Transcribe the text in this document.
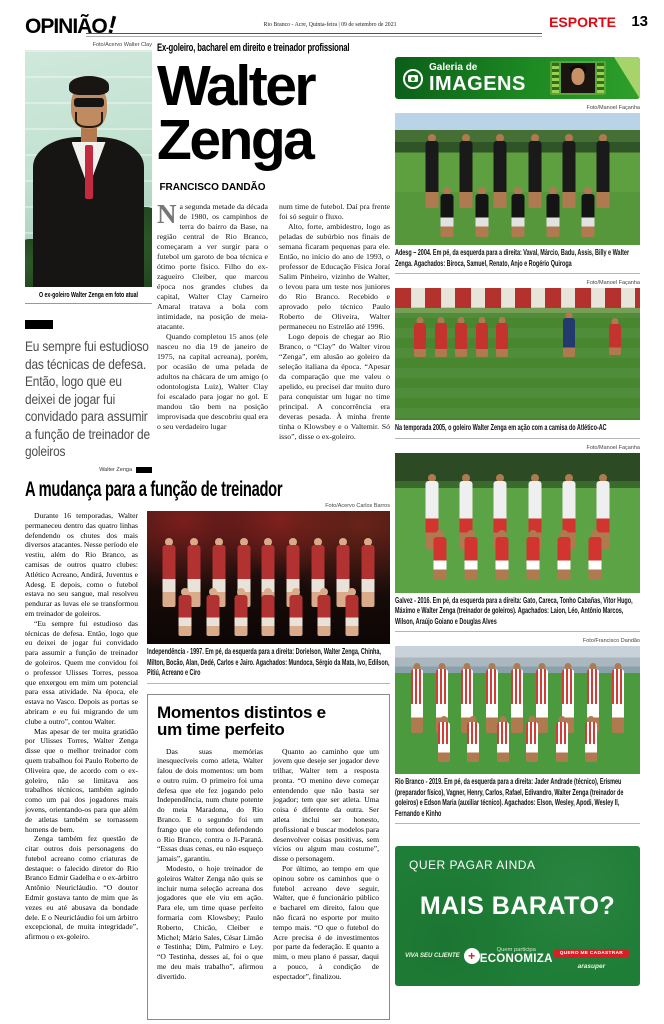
OPINIÃO!	Rio Branco - Acre, Quinta-feira | 09 de setembro de 2021	ESPORTE 13
Foto/Acervo Walter Clay
O ex-goleiro Walter Zenga em foto atual
Eu sempre fui estudioso das técnicas de defesa. Então, logo que eu deixei de jogar fui convidado para assumir a função de treinador de goleiros
Walter Zenga
Ex-goleiro, bacharel em direito e treinador profissional
Walter
Zenga
FRANCISCO DANDÃO

Na segunda metade da década de 1980, os campinhos de terra do bairro da Base, na região central de Rio Branco, começaram a ver surgir para o futebol um garoto de boa técnica e ótimo porte físico. Filho do ex-zagueiro Cleiber, que marcou época nos grandes clubes da capital, Walter Clay Carneiro Amaral tratava a bola com intimidade, na posição de meia-atacante.

Quando completou 15 anos (ele nasceu no dia 19 de janeiro de 1975, na capital acreana), porém, por ocasião de uma pelada de adultos na chácara de um amigo (o odontologista Luiz), Walter Clay foi escalado para jogar no gol. E mandou tão bem na posição improvisada que descobriu qual era o seu verdadeiro lugar

num time de futebol. Daí pra frente foi só seguir o fluxo.

Alto, forte, ambidestro, logo as peladas de subúrbio nos finais de semana ficaram pequenas para ele. Então, no início do ano de 1993, o professor de Educação Física Joraí Salim Pinheiro, vizinho de Walter, o levou para um teste nos juniores do Rio Branco. Recebido e aprovado pelo técnico Paulo Roberto de Oliveira, Walter permaneceu no Estrelão até 1996.

Logo depois de chegar ao Rio Branco, o “Clay” do Walter virou “Zenga”, em alusão ao goleiro da seleção italiana da época. “Apesar da comparação que me valeu o apelido, eu precisei dar muito duro para conquistar um lugar no time principal. A concorrência era deveras pesada. À minha frente tinha o Klowsbey e o Valtemir. Só isso”, disse o ex-goleiro.

A mudança para a função de treinador

Durante 16 temporadas, Walter permaneceu dentro das quatro linhas defendendo os chutes dos mais diversos atacantes. Nesse período ele vestiu, além do Rio Branco, as camisas de outros quatro clubes: Atlético Acreano, Andirá, Juventus e Adesg. E depois, como o futebol estava no seu sangue, mal resolveu pendurar as luvas ele se transformou em treinador de goleiros.

“Eu sempre fui estudioso das técnicas de defesa. Então, logo que eu deixei de jogar fui convidado para assumir a função de treinador de goleiros. Quem me convidou foi o professor Ulisses Torres, pessoa que enxergou em mim um potencial para essa atividade. Na época, ele estava no Vasco. Depois as portas se abriram e eu fui migrando de um clube a outro”, contou Walter.

Mas apesar de ter muita gratidão por Ulisses Torres, Walter Zenga disse que o melhor treinador com quem trabalhou foi Paulo Roberto de Oliveira que, de acordo com o ex-goleiro, não se limitava aos trabalhos técnicos, também agindo como um pai dos jogadores mais jovens, orientando-os para que além de atletas também se tornassem homens de bem.

Zenga também fez questão de citar outros dois personagens do futebol acreano como criaturas de destaque: o falecido diretor do Rio Branco Edmir Gadelha e o ex-árbitro Antônio Neuricláudio. “O doutor Edmir gostava tanto de mim que às vezes eu até abusava da bondade dele. E o Neuricláudio foi um árbitro excepcional, de muita integridade”, afirmou o ex-goleiro.

Foto/Acervo Carlos Barros
Independência - 1997. Em pé, da esquerda para a direita: Dorielson, Walter Zenga, Chinha, Milton, Bocão, Alan, Dedé, Carlos e Jairo. Agachados: Mundoca, Sérgio da Mata, Ivo, Edilson, Pitiú, Acreano e Ciro
Momentos distintos e
um time perfeito

Das suas memórias inesquecíveis como atleta, Walter falou de dois momentos: um bom e outro ruim. O primeiro foi uma defesa que ele fez jogando pelo Independência, num chute potente do meia Maradona, do Rio Branco. E o segundo foi um frango que ele tomou defendendo o Rio Branco, contra o Ji-Paraná. “Essas duas cenas, eu não esqueço jamais”, garantiu.

Modesto, o hoje treinador de goleiros Walter Zenga não quis se incluir numa seleção acreana dos jogadores que ele viu em ação. Para ele, um time quase perfeito formaria com Klowsbey; Paulo Roberto, Chicão, Cleiber e Michel; Mário Sales, César Limão e Testinha; Dim, Palmiro e Ley. “O Testinha, desses aí, foi o que me deu mais trabalho”, afirmou divertido.

Quanto ao caminho que um jovem que deseje ser jogador deve trilhar, Walter tem a resposta pronta. “O menino deve começar entendendo que não basta ser jogador; tem que ser atleta. Uma coisa é diferente da outra. Ser atleta inclui ser honesto, profissional e buscar modelos para desenvolver coisas positivas, sem vícios ou algum mau costume”, disse o personagem.

Por último, ao tempo em que opinou sobre os caminhos que o futebol acreano deve seguir, Walter, que é funcionário público e bacharel em direito, falou que não ficará no esporte por muito tempo mais. “O que o futebol do Acre precisa é de investimentos por parte da federação. E quanto a mim, o meu plano é passar, daqui a pouco, à condição de espectador”, finalizou.

Galeria de
IMAGENS
Foto/Manoel Façanha
Adesg – 2004. Em pé, da esquerda para a direita: Vaval, Márcio, Badu, Assis, Billy e Walter Zenga. Agachados: Biroca, Samuel, Renato, Anjo e Rogério Quiroga
Foto/Manoel Façanha
Na temporada 2005, o goleiro Walter Zenga em ação com a camisa do Atlético-AC
Foto/Manoel Façanha
Galvez - 2016. Em pé, da esquerda para a direita: Gato, Careca, Tonho Cabañas, Vitor Hugo, Máximo e Walter Zenga (treinador de goleiros). Agachados: Laion, Léo, Antônio Marcos, Wilson, Araújo Goiano e Douglas Alves
Foto/Francisco Dandão
Rio Branco - 2019. Em pé, da esquerda para a direita: Jader Andrade (técnico), Erismeu (preparador físico), Vagner, Henry, Carlos, Rafael, Edivandro, Walter Zenga (treinador de goleiros) e Edson Maria (auxiliar técnico). Agachados: Elson, Wesley, Apodi, Wesley II, Fernando e Kinho
QUER PAGAR AINDA
MAIS BARATO?
VIVA SEU CLIENTE
+
Quem participa
ECONOMIZA	QUERO ME CADASTRAR
arasuper
